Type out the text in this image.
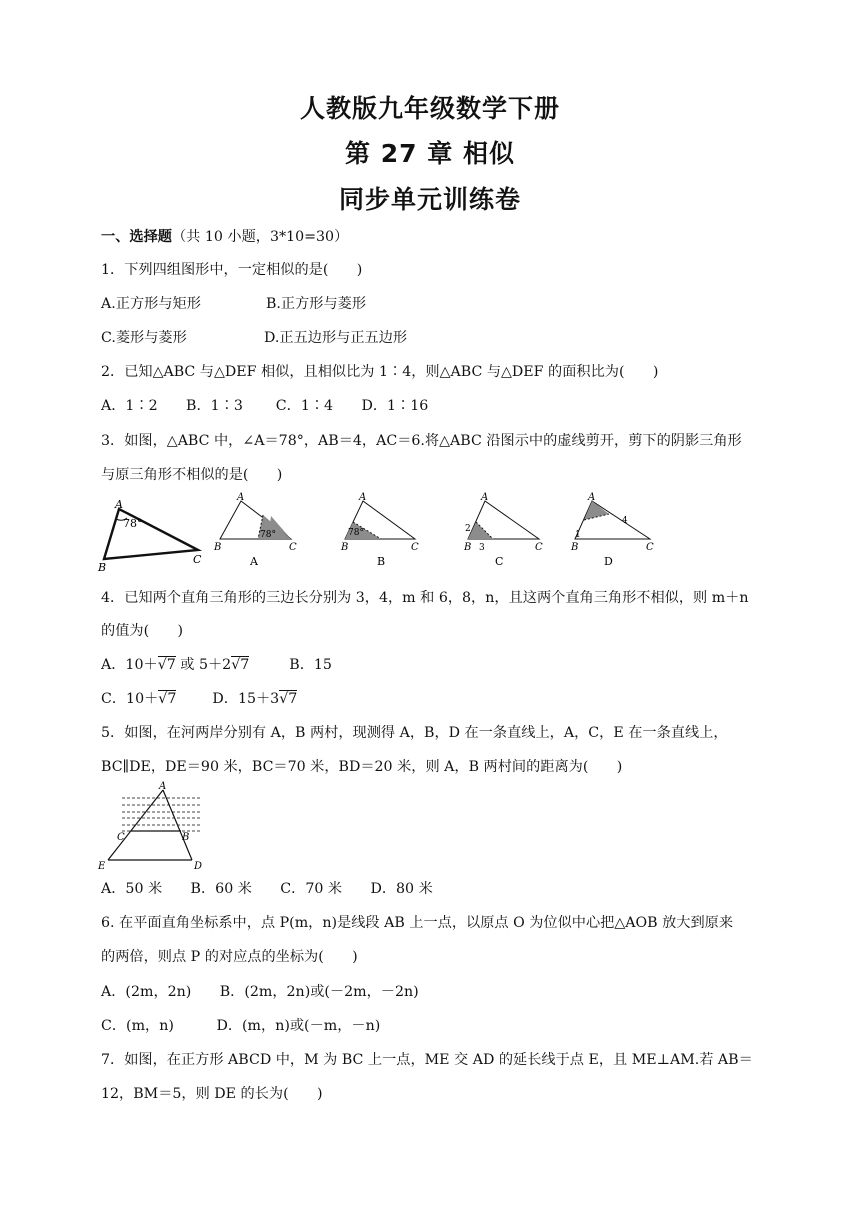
人教版九年级数学下册
第 27 章 相似
同步单元训练卷
一、选择题（共 10 小题，3*10=30）
1．下列四组图形中，一定相似的是(　　)
A.正方形与矩形	B.正方形与菱形
C.菱形与菱形	D.正五边形与正五边形
2．已知△ABC 与△DEF 相似，且相似比为 1∶4，则△ABC 与△DEF 的面积比为(　　)
A．1∶2　　B．1∶3　　 C．1∶4　　D．1∶16
3．如图，△ABC 中，∠A＝78°，AB＝4，AC＝6.将△ABC 沿图示中的虚线剪开，剪下的阴影三角形
与原三角形不相似的是(　　)
A
B
C
78°
A
B	C
78°
A
A
B	C
78°
B
A
B	C
2
3
C
A
B	C
1
4
D
4．已知两个直角三角形的三边长分别为 3，4，m 和 6，8，n，且这两个直角三角形不相似，则 m＋n
的值为(　　)
A．10＋√7 或 5＋2√7	B．15
C．10＋√7	D．15＋3√7
5．如图，在河两岸分别有 A，B 两村，现测得 A，B，D 在一条直线上，A，C，E 在一条直线上，
BC∥DE，DE＝90 米，BC＝70 米，BD＝20 米，则 A，B 两村间的距离为(　　)
A
B
C
D
E
A．50 米　　B．60 米　　C．70 米　　D．80 米
6. 在平面直角坐标系中，点 P(m，n)是线段 AB 上一点，以原点 O 为位似中心把△AOB 放大到原来
的两倍，则点 P 的对应点的坐标为(　　)
A．(2m，2n)　　B．(2m，2n)或(－2m，－2n)
C．(m，n)　　　D．(m，n)或(－m，－n)
7．如图，在正方形 ABCD 中，M 为 BC 上一点，ME 交 AD 的延长线于点 E，且 ME⊥AM.若 AB＝
12，BM＝5，则 DE 的长为(　　)
